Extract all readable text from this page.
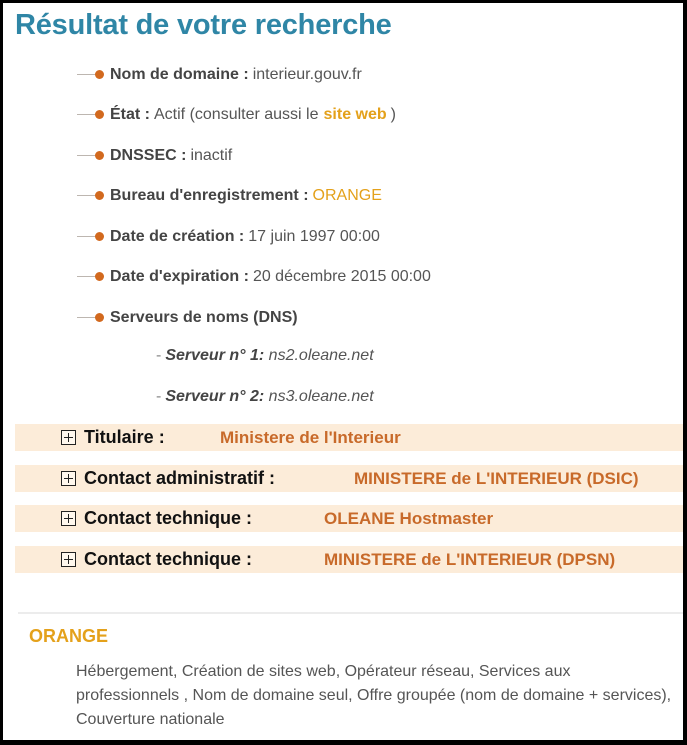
Résultat de votre recherche
Nom de domaine : interieur.gouv.fr
État : Actif (consulter aussi le site web )
DNSSEC : inactif
Bureau d'enregistrement : ORANGE
Date de création : 17 juin 1997 00:00
Date d'expiration : 20 décembre 2015 00:00
Serveurs de noms (DNS)
- Serveur n° 1: ns2.oleane.net
- Serveur n° 2: ns3.oleane.net
Titulaire :	Ministere de l'Interieur
Contact administratif :	MINISTERE de L'INTERIEUR (DSIC)
Contact technique :	OLEANE Hostmaster
Contact technique :	MINISTERE de L'INTERIEUR (DPSN)
ORANGE
Hébergement, Création de sites web, Opérateur réseau, Services aux professionnels , Nom de domaine seul, Offre groupée (nom de domaine + services), Couverture nationale
